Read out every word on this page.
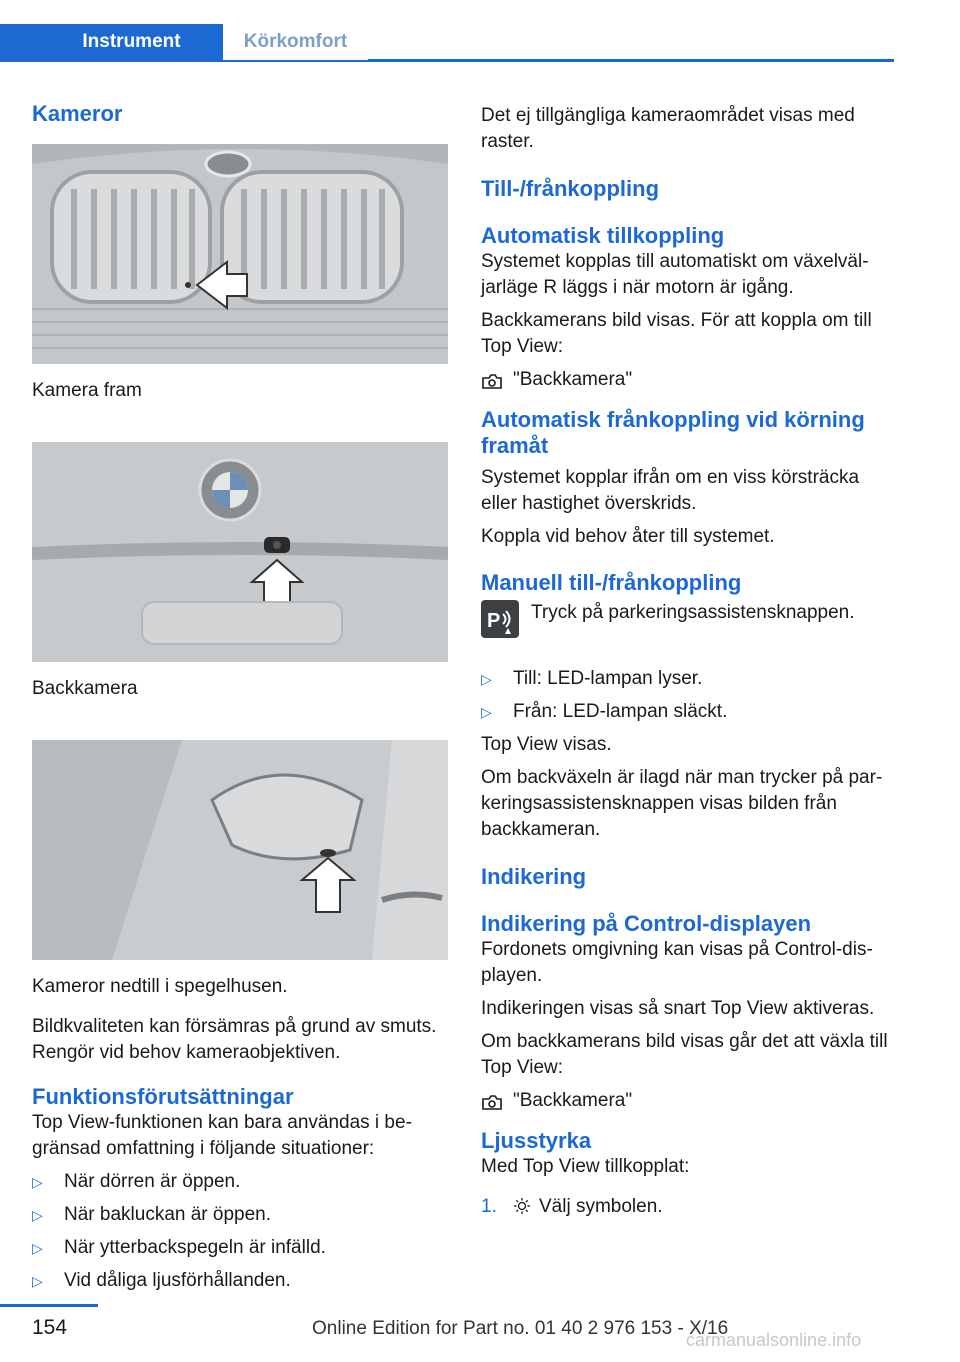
Instrument	Körkomfort
Kameror
Kamera fram
Backkamera
Kameror nedtill i spegelhusen.

Bildkvaliteten kan försämras på grund av smuts. Rengör vid behov kameraobjektiven.

Funktionsförutsättningar

Top View-funktionen kan bara användas i begränsad omfattning i följande situationer:

▷ När dörren är öppen.
▷ När bakluckan är öppen.
▷ När ytterbackspegeln är infälld.
▷ Vid dåliga ljusförhållanden.

Det ej tillgängliga kameraområdet visas med raster.

Till-/frånkoppling
Automatisk tillkoppling

Systemet kopplas till automatiskt om växelväljarläge R läggs i när motorn är igång.

Backkamerans bild visas. För att koppla om till Top View:

"Backkamera"
Automatisk frånkoppling vid körning framåt

Systemet kopplar ifrån om en viss körsträcka eller hastighet överskrids.

Koppla vid behov åter till systemet.

Manuell till-/frånkoppling
P Tryck på parkeringsassistensknappen.
▷ Till: LED-lampan lyser.
▷ Från: LED-lampan släckt.

Top View visas.

Om backväxeln är ilagd när man trycker på parkeringsassistensknappen visas bilden från backkameran.

Indikering
Indikering på Control-displayen

Fordonets omgivning kan visas på Control-displayen.

Indikeringen visas så snart Top View aktiveras.

Om backkamerans bild visas går det att växla till Top View:

"Backkamera"
Ljusstyrka

Med Top View tillkopplat:

1. Välj symbolen.
154	Online Edition for Part no. 01 40 2 976 153 - X/16
carmanualsonline.info
